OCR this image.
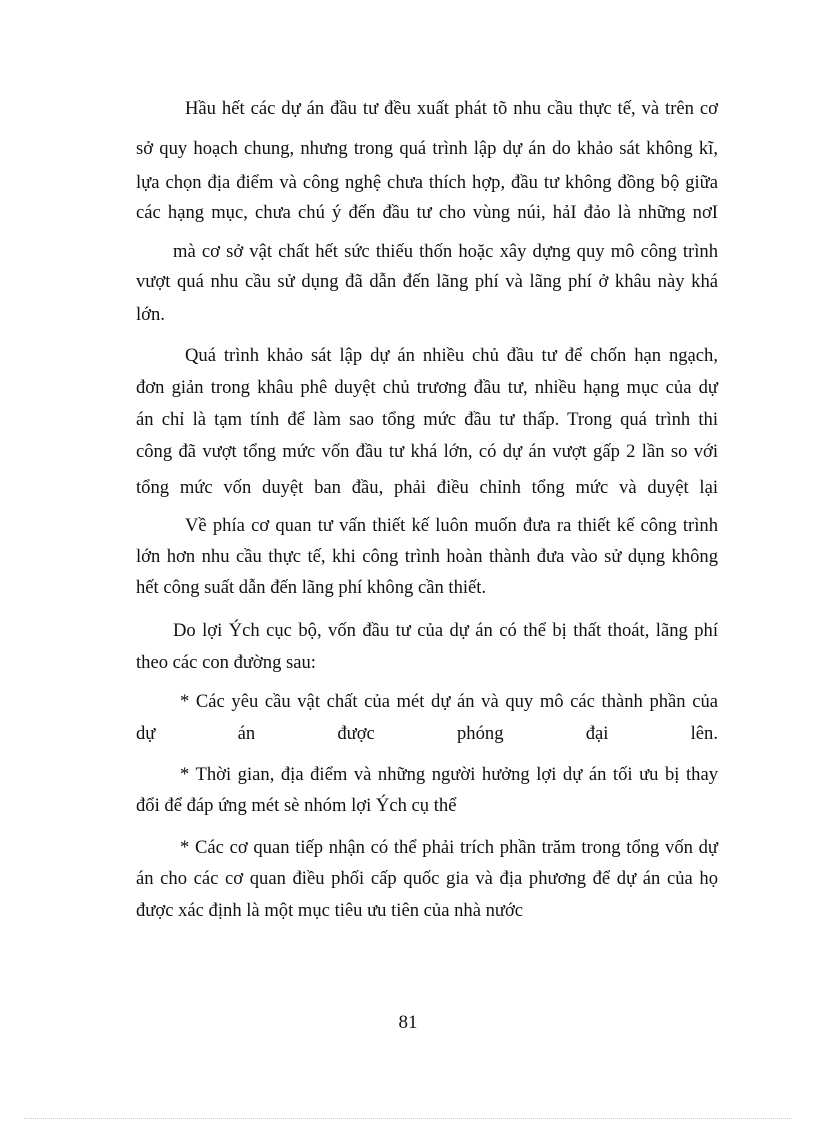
Hầu hết các dự án đầu tư đều xuất phát tõ nhu cầu thực tế, và trên cơ
sở quy hoạch chung, nhưng trong quá trình lập dự án do khảo sát không kĩ,
lựa chọn địa điểm và công nghệ chưa thích hợp, đầu tư không đồng bộ giữa
các hạng mục, chưa chú ý đến đầu tư cho vùng núi, hảI đảo là những nơI
mà cơ sở vật chất hết sức thiếu thốn hoặc xây dựng quy mô công trình
vượt quá nhu cầu sử dụng đã dẫn đến lãng phí và lãng phí ở khâu này khá
lớn.
Quá trình khảo sát lập dự án nhiều chủ đầu tư để chốn hạn ngạch,
đơn giản trong khâu phê duyệt chủ trương đầu tư, nhiều hạng mục của dự
án chỉ là tạm tính để làm sao tổng mức đầu tư thấp. Trong quá trình thi
công đã vượt tổng mức vốn đầu tư khá lớn, có dự án vượt gấp 2 lần so với
tổng mức vốn duyệt ban đầu, phải điều chỉnh tổng mức và duyệt lại
Về phía cơ quan tư vấn thiết kế luôn muốn đưa ra thiết kế công trình
lớn hơn nhu cầu thực tế, khi công trình hoàn thành đưa vào sử dụng không
hết công suất dẫn đến lãng phí không cần thiết.
Do lợi Ých cục bộ, vốn đầu tư của dự án có thể bị thất thoát, lãng phí
theo các con đường sau:
* Các yêu cầu vật chất của mét dự án và quy mô các thành phần của
dự án được phóng đại lên.
* Thời gian, địa điểm và những người hưởng lợi dự án tối ưu bị thay
đổi để đáp ứng mét sè nhóm lợi Ých cụ thể
* Các cơ quan tiếp nhận có thể phải trích phần trăm trong tổng vốn dự
án cho các cơ quan điều phối cấp quốc gia và địa phương để dự án của họ
được xác định là một mục tiêu ưu tiên của nhà nước
81
